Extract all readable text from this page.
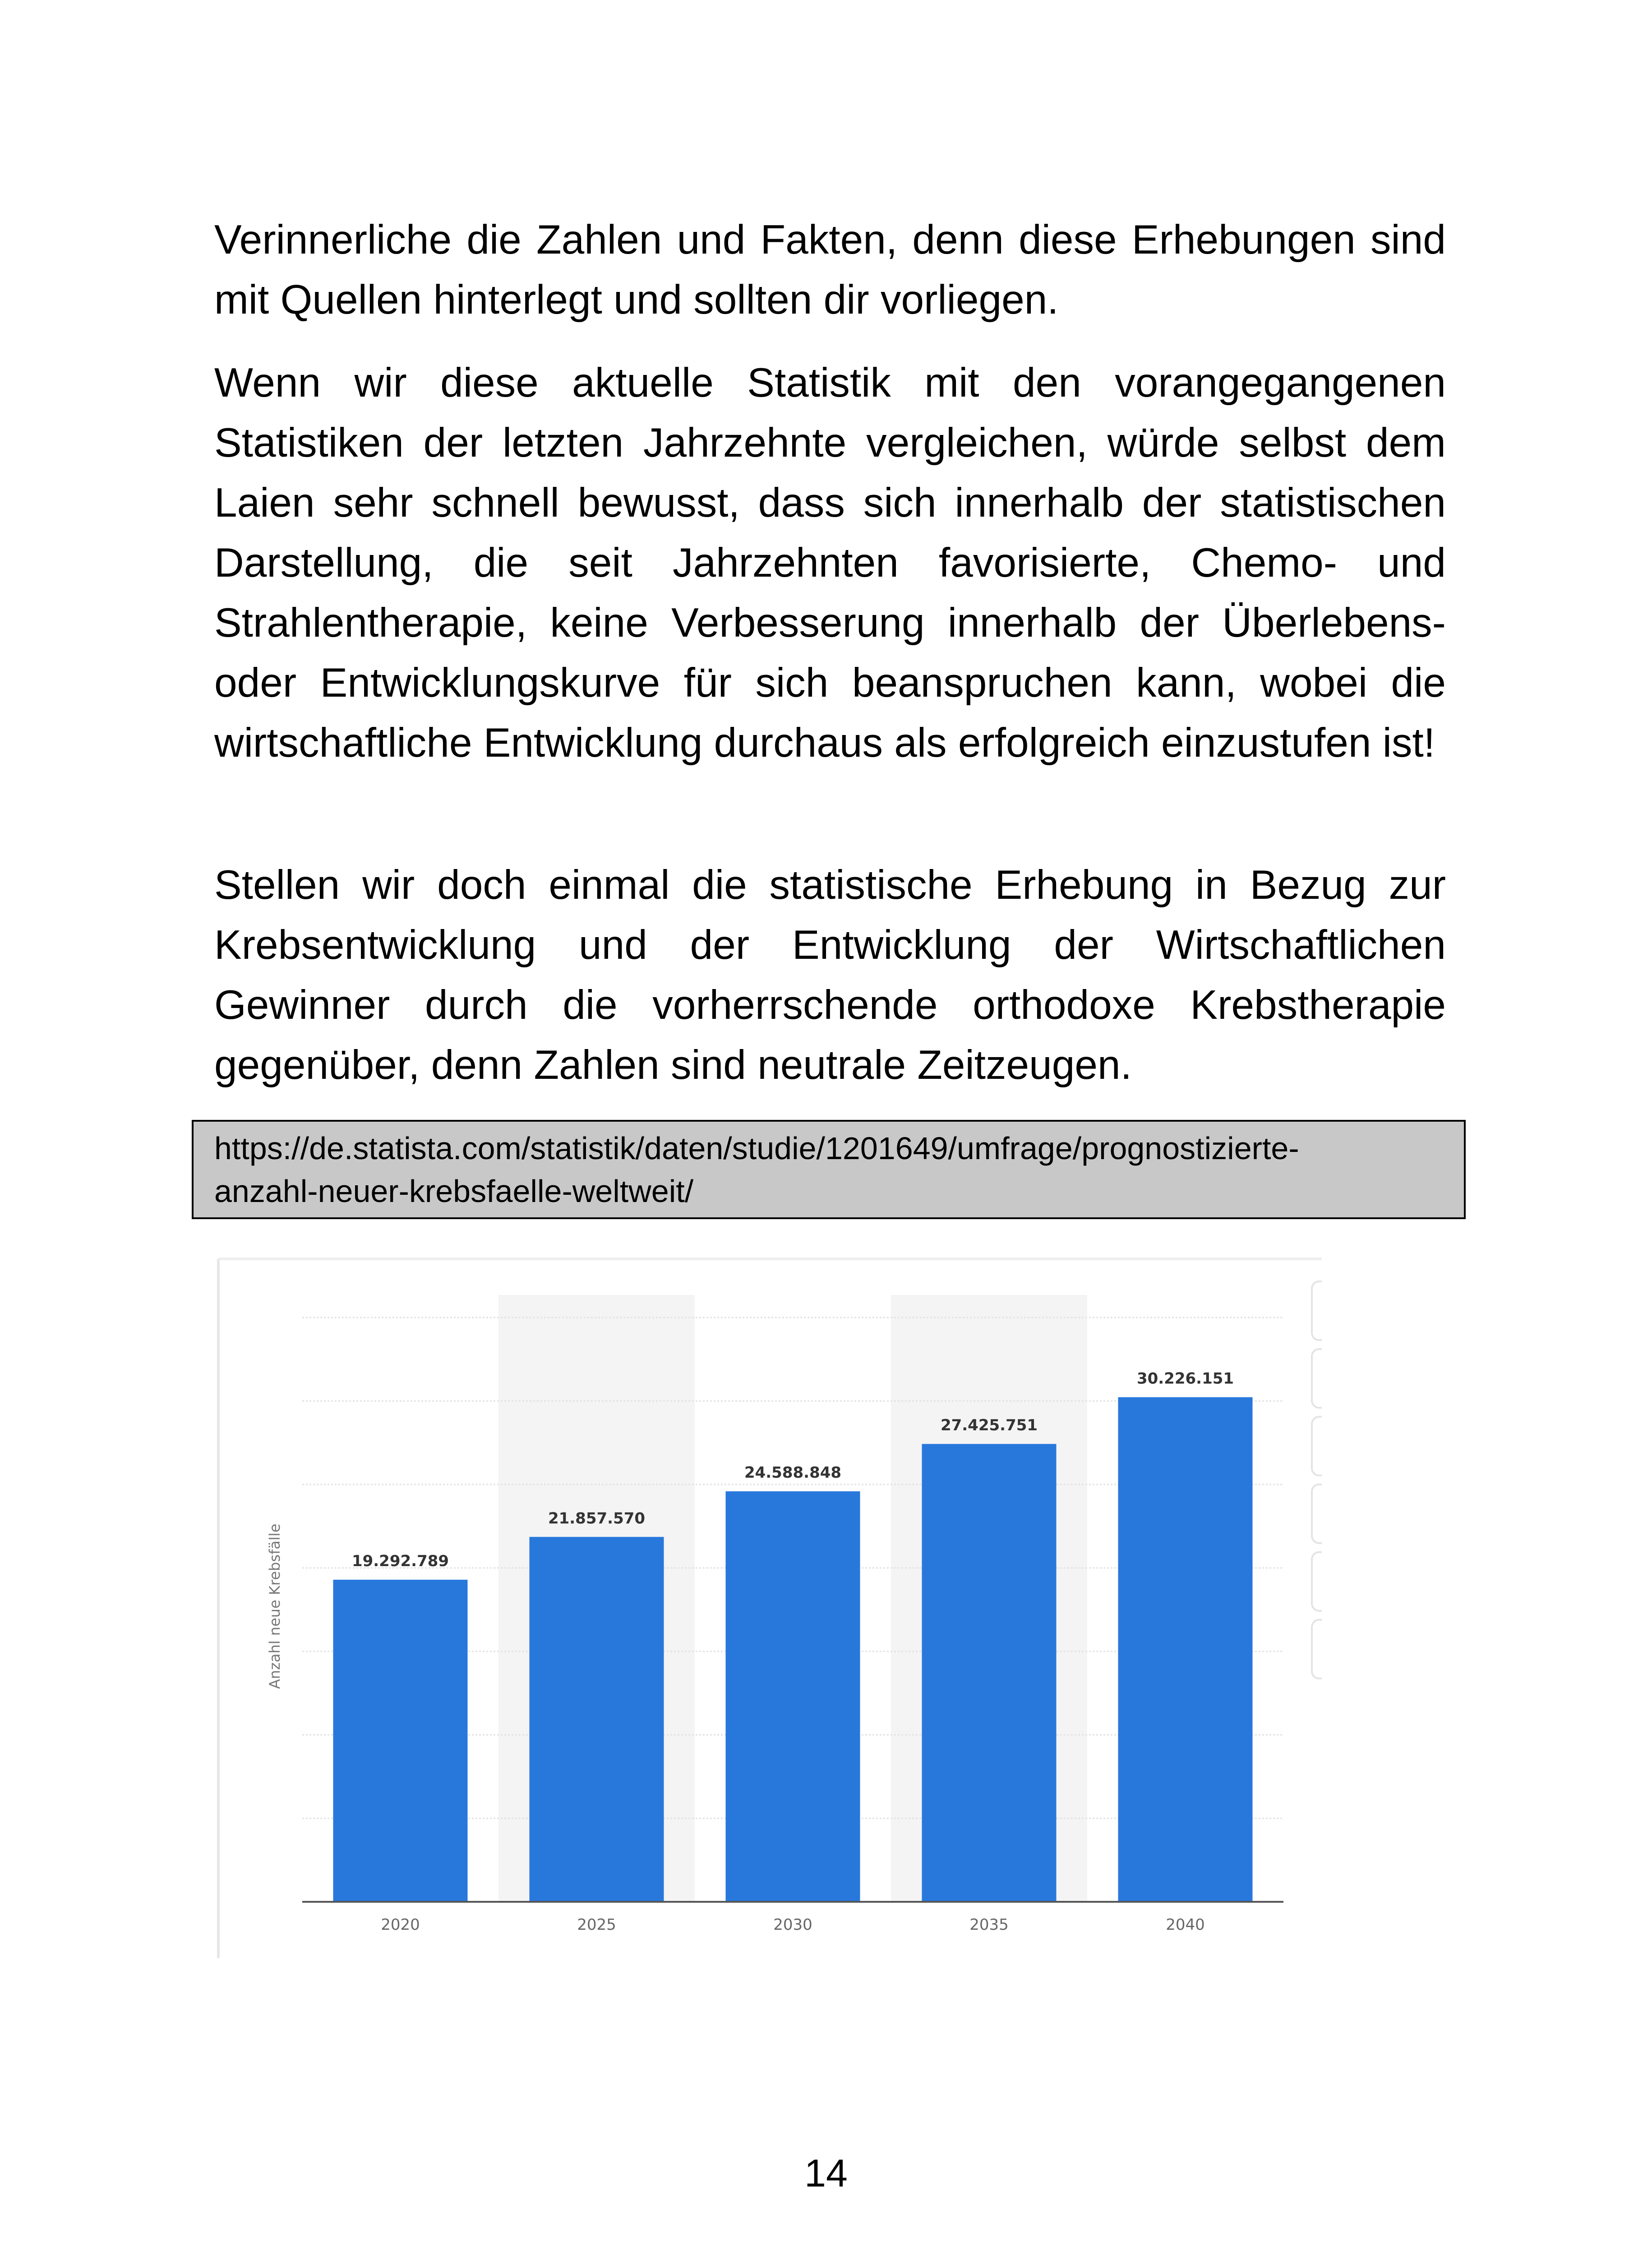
Verinnerliche die Zahlen und Fakten, denn diese Erhebungen sind mit Quellen hinterlegt und sollten dir vorliegen.

Wenn wir diese aktuelle Statistik mit den vorangegangenen Statistiken der letzten Jahrzehnte vergleichen, würde selbst dem Laien sehr schnell bewusst, dass sich innerhalb der statistischen Darstellung, die seit Jahrzehnten favorisierte, Chemo- und Strahlentherapie, keine Verbesserung innerhalb der Überlebens- oder Entwicklungskurve für sich beanspruchen kann, wobei die wirtschaftliche Entwicklung durchaus als erfolgreich einzustufen ist!

Stellen wir doch einmal die statistische Erhebung in Bezug zur Krebsentwicklung und der Entwicklung der Wirtschaftlichen Gewinner durch die vorherrschende orthodoxe Krebstherapie gegenüber, denn Zahlen sind neutrale Zeitzeugen.

https://de.statista.com/statistik/daten/studie/1201649/umfrage/prognostizierte-
anzahl-neuer-krebsfaelle-weltweit/
19.292.789
2020
21.857.570
2025
24.588.848
2030
27.425.751
2035
30.226.151
2040
Anzahl neue Krebsfälle
14
